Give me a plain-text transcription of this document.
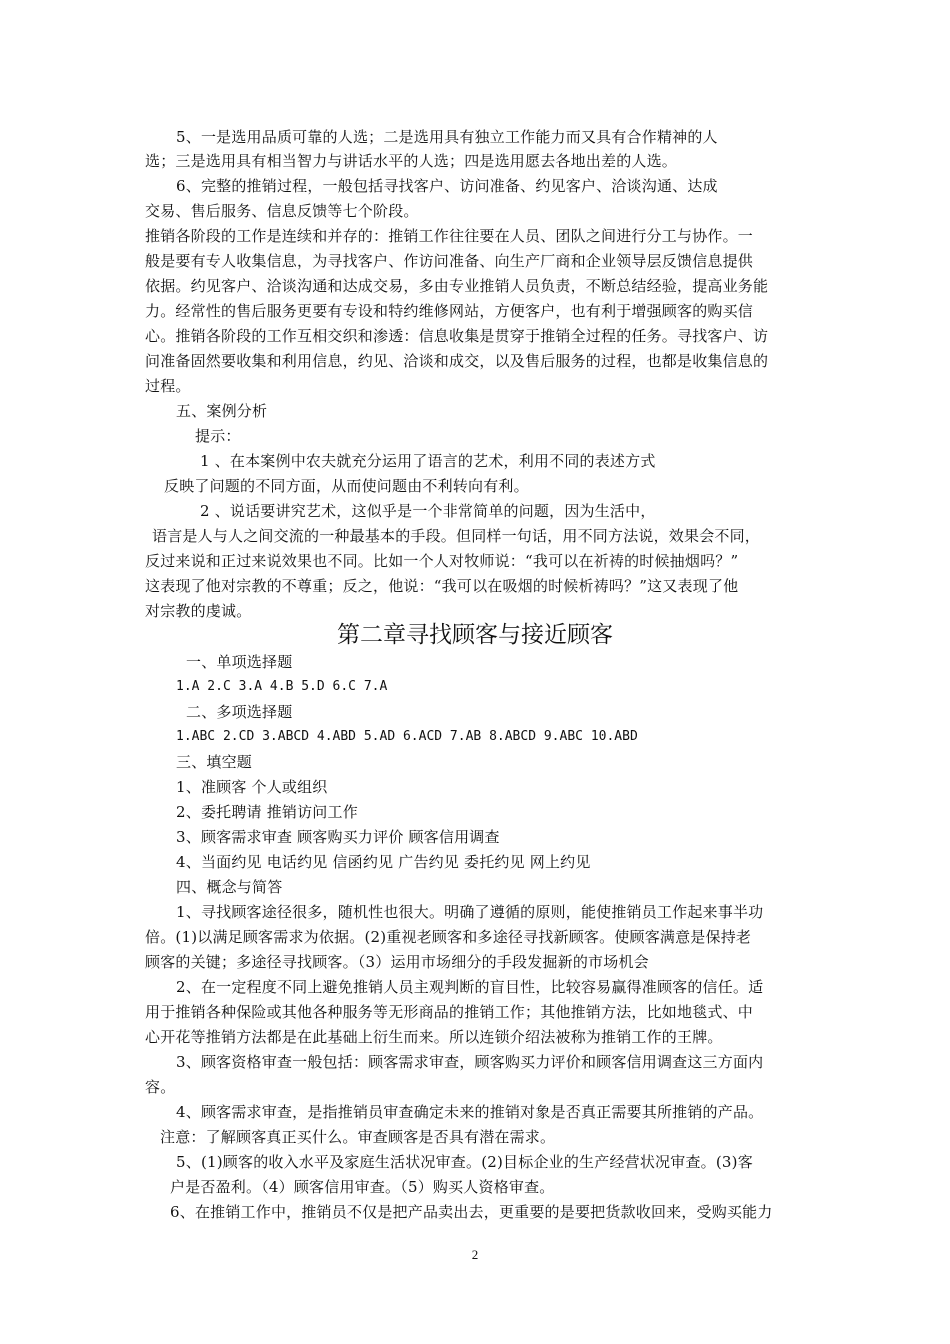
5、一是选用品质可靠的人选；二是选用具有独立工作能力而又具有合作精神的人
选；三是选用具有相当智力与讲话水平的人选；四是选用愿去各地出差的人选。
6、完整的推销过程，一般包括寻找客户、访问准备、约见客户、洽谈沟通、达成
交易、售后服务、信息反馈等七个阶段。
推销各阶段的工作是连续和并存的：推销工作往往要在人员、团队之间进行分工与协作。一
般是要有专人收集信息，为寻找客户、作访问准备、向生产厂商和企业领导层反馈信息提供
依据。约见客户、洽谈沟通和达成交易，多由专业推销人员负责，不断总结经验，提高业务能
力。经常性的售后服务更要有专设和特约维修网站，方便客户，也有利于增强顾客的购买信
心。推销各阶段的工作互相交织和渗透：信息收集是贯穿于推销全过程的任务。寻找客户、访
问准备固然要收集和利用信息，约见、洽谈和成交，以及售后服务的过程，也都是收集信息的
过程。
五、案例分析
提示：
1 、在本案例中农夫就充分运用了语言的艺术，利用不同的表述方式
反映了问题的不同方面，从而使问题由不利转向有利。
2 、说话要讲究艺术，这似乎是一个非常简单的问题，因为生活中，
语言是人与人之间交流的一种最基本的手段。但同样一句话，用不同方法说，效果会不同，
反过来说和正过来说效果也不同。比如一个人对牧师说：“我可以在祈祷的时候抽烟吗？”
这表现了他对宗教的不尊重；反之，他说：“我可以在吸烟的时候析祷吗？”这又表现了他
对宗教的虔诚。
第二章寻找顾客与接近顾客
一、单项选择题
1.A 2.C 3.A 4.B 5.D 6.C 7.A
二、多项选择题
1.ABC 2.CD 3.ABCD 4.ABD 5.AD 6.ACD 7.AB 8.ABCD 9.ABC 10.ABD
三、填空题
1、准顾客 个人或组织
2、委托聘请 推销访问工作
3、顾客需求审查 顾客购买力评价 顾客信用调查
4、当面约见 电话约见 信函约见 广告约见 委托约见 网上约见
四、概念与简答
1、寻找顾客途径很多，随机性也很大。明确了遵循的原则，能使推销员工作起来事半功
倍。(1)以满足顾客需求为依据。(2)重视老顾客和多途径寻找新顾客。使顾客满意是保持老
顾客的关键；多途径寻找顾客。（3）运用市场细分的手段发掘新的市场机会
2、在一定程度不同上避免推销人员主观判断的盲目性，比较容易赢得准顾客的信任。适
用于推销各种保险或其他各种服务等无形商品的推销工作；其他推销方法，比如地毯式、中
心开花等推销方法都是在此基础上衍生而来。所以连锁介绍法被称为推销工作的王牌。
3、顾客资格审查一般包括：顾客需求审查，顾客购买力评价和顾客信用调查这三方面内
容。
4、顾客需求审查，是指推销员审查确定未来的推销对象是否真正需要其所推销的产品。
注意：了解顾客真正买什么。审查顾客是否具有潜在需求。
5、(1)顾客的收入水平及家庭生活状况审查。(2)目标企业的生产经营状况审查。(3)客
户是否盈利。（4）顾客信用审查。（5）购买人资格审查。
6、在推销工作中，推销员不仅是把产品卖出去，更重要的是要把货款收回来，受购买能力
2
